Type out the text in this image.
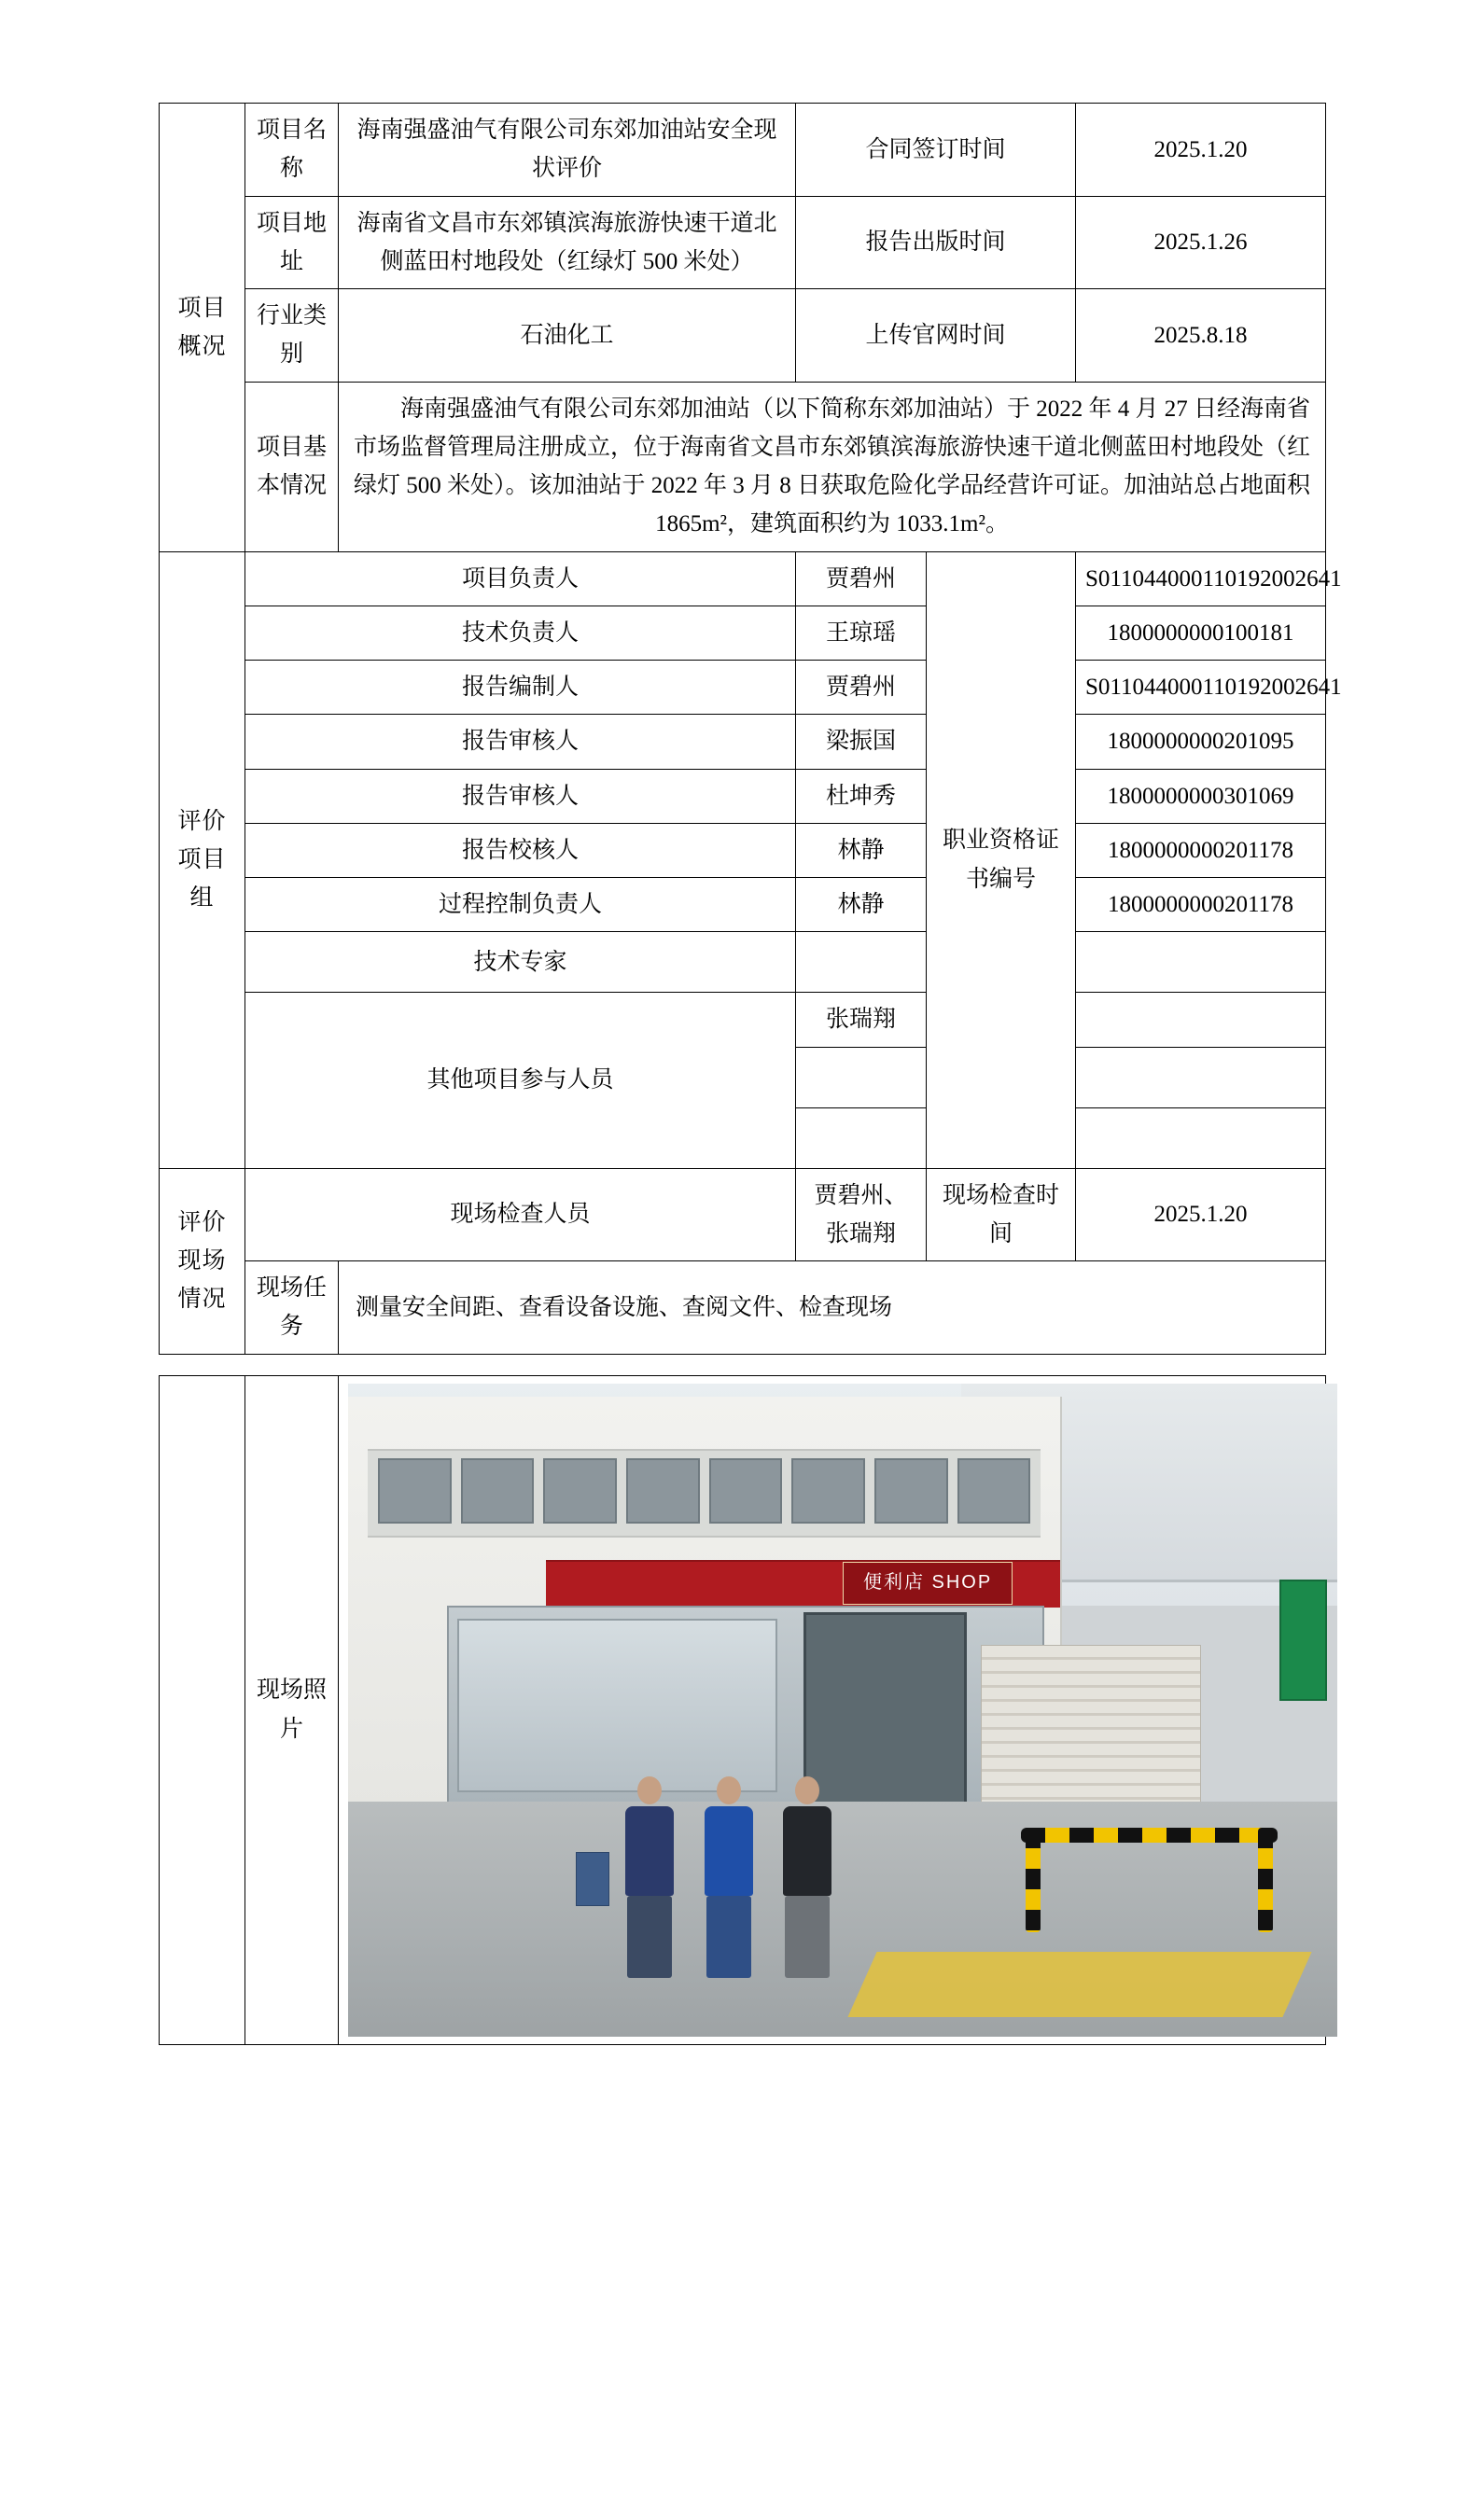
项目概况	项目名称	海南强盛油气有限公司东郊加油站安全现状评价	合同签订时间		2025.1.20
	项目地址	海南省文昌市东郊镇滨海旅游快速干道北侧蓝田村地段处（红绿灯 500 米处）	报告出版时间		2025.1.26
	行业类别	石油化工	上传官网时间		2025.8.18
	项目基本情况	海南强盛油气有限公司东郊加油站（以下简称东郊加油站）于 2022 年 4 月 27 日经海南省市场监督管理局注册成立，位于海南省文昌市东郊镇滨海旅游快速干道北侧蓝田村地段处（红绿灯 500 米处）。该加油站于 2022 年 3 月 8 日获取危险化学品经营许可证。加油站总占地面积 1865m²，建筑面积约为 1033.1m²。			
评价项目组	项目负责人		贾碧州	职业资格证书编号	S011044000110192002641
	技术负责人		王琼瑶		1800000000100181
	报告编制人		贾碧州		S011044000110192002641
	报告审核人		梁振国		1800000000201095
	报告审核人		杜坤秀		1800000000301069
	报告校核人		林静		1800000000201178
	过程控制负责人		林静		1800000000201178
	技术专家				
	其他项目参与人员		张瑞翔		

评价现场情况	现场检查人员		贾碧州、张瑞翔	现场检查时间	2025.1.20
	现场任务	测量安全间距、查看设备设施、查阅文件、检查现场			
	现场照片	
便利店 SHOP
